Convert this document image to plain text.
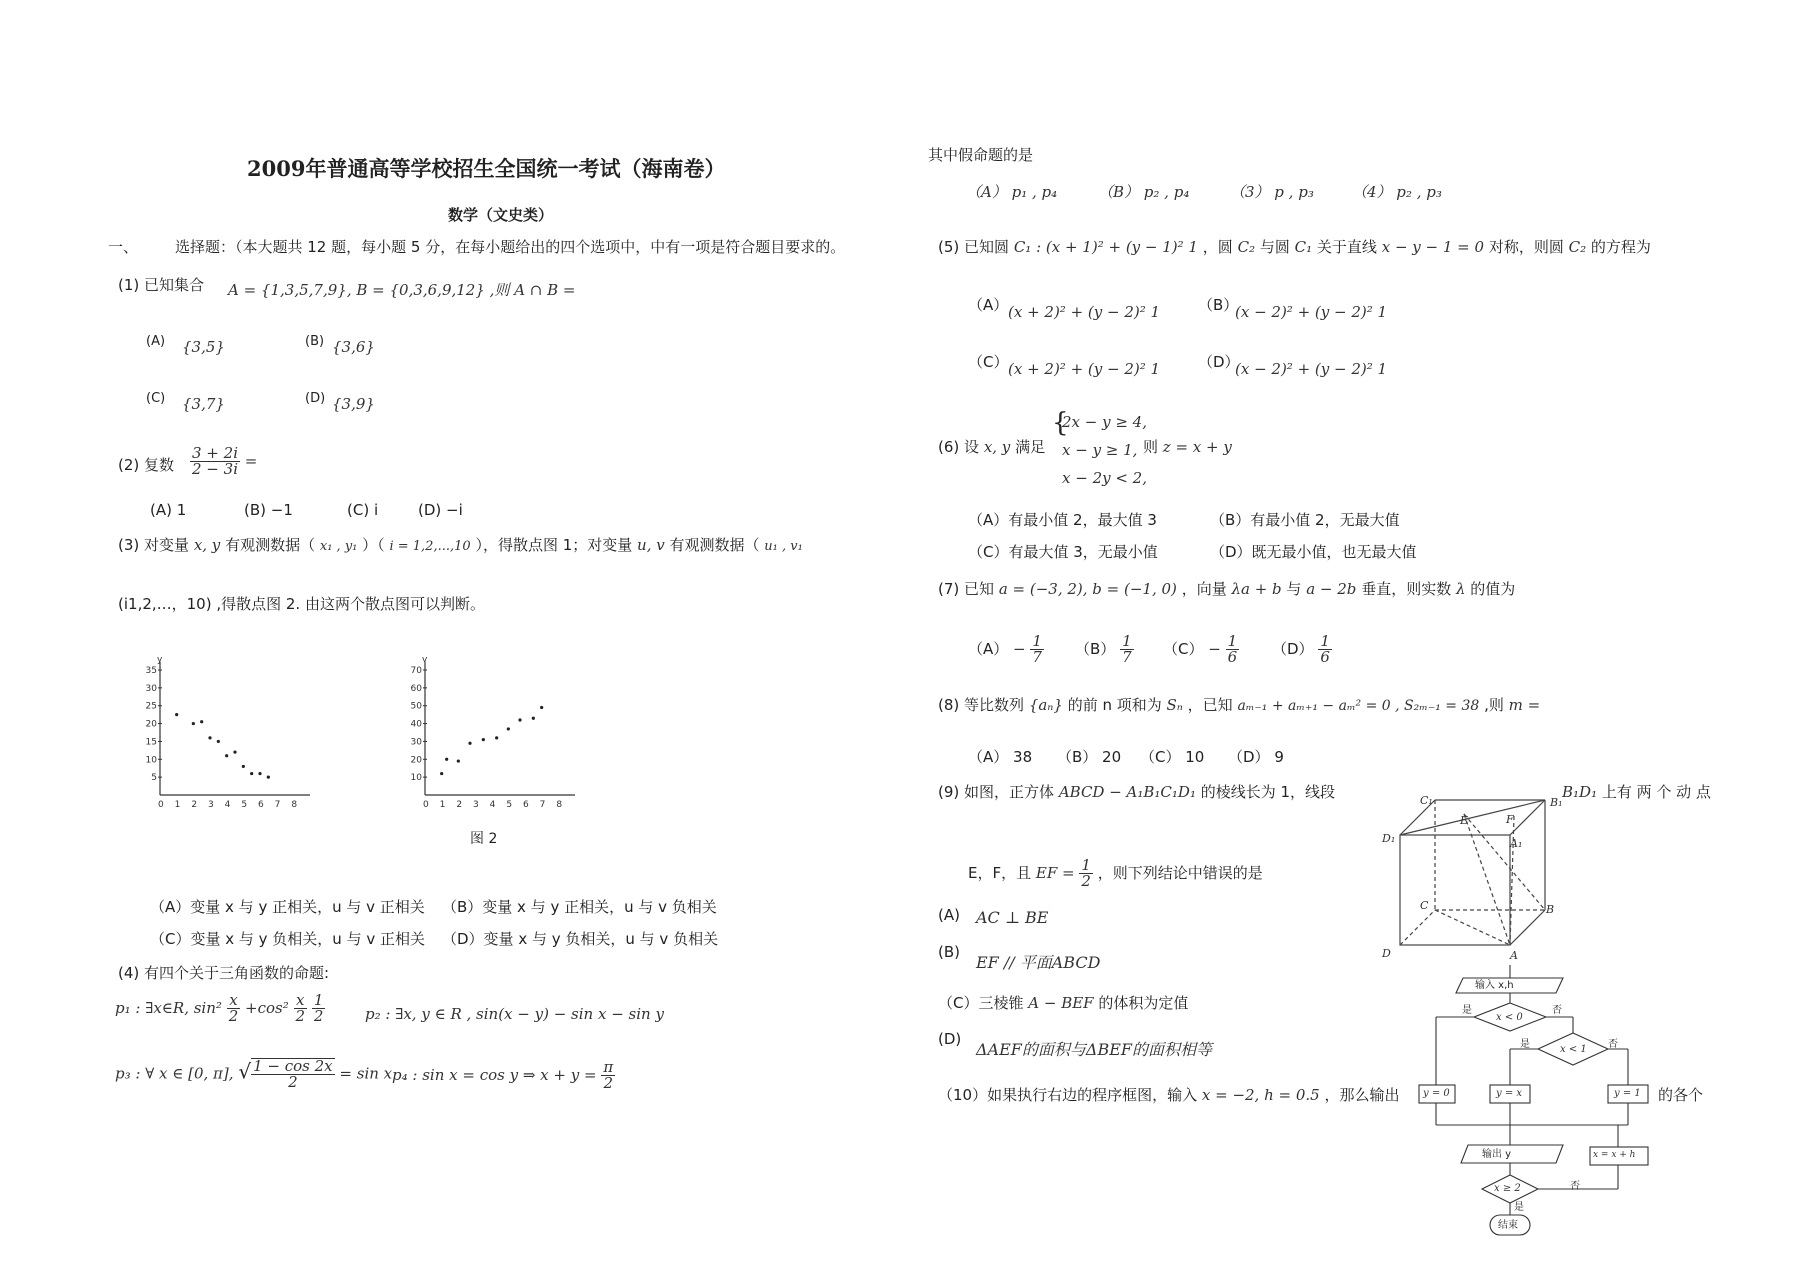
2009年普通高等学校招生全国统一考试（海南卷）
数学（文史类）
一、 选择题：（本大题共 12 题，每小题 5 分，在每小题给出的四个选项中，中有一项是符合题目要求的。
(1) 已知集合 A = {1,3,5,7,9}, B = {0,3,6,9,12} ,则 A ∩ B =
(A) {3,5}	(B) {3,6}
(C) {3,7}	(D) {3,9}
(2) 复数 $\frac{3 + 2i}{2 - 3i}$ =
(A) 1	(B) −1	(C) i	(D) −i
(3) 对变量 x, y 有观测数据（ x₁ , y₁ ）（ i = 1,2,...,10 ），得散点图 1；对变量 u, v 有观测数据（ u₁ , v₁
(i1,2,…，10) ,得散点图 2. 由这两个散点图可以判断。
y
5
10
15
20
25
30
35
0 1 2 3 4 5 6 7 8
v
10
20
30
40
50
60
70
0 1 2 3 4 5 6 7 8
图 2
（A）变量 x 与 y 正相关，u 与 v 正相关 （B）变量 x 与 y 正相关，u 与 v 负相关
（C）变量 x 与 y 负相关，u 与 v 正相关 （D）变量 x 与 y 负相关，u 与 v 负相关
(4) 有四个关于三角函数的命题:
p₁ : ∃x∈R, $\sin^2 \frac{x}{2} +\cos^2 \frac{x}{2}$
$\frac{1}{2}$	p₂ : ∃x, y ∈ R , sin(x − y) − sin x − sin y
p₃ : ∀ x ∈ [0, π], √ $\frac{1 - \cos 2x}{2} = \sin x$ p₄ : sin x = cos y ⇒ $x + y = \frac{\pi}{2}$
其中假命题的是
（A） p₁ , p₄	（B） p₂ , p₄	（3） p , p₃	（4） p₂ , p₃
(5) 已知圆 C₁ : (x + 1)² + (y − 1)² 1 ，圆 C₂ 与圆 C₁ 关于直线 x − y − 1 = 0 对称，则圆 C₂ 的方程为
（A） (x + 2)² + (y − 2)² 1	（B）
(x − 2)² + (y − 2)² 1
（C） (x + 2)² + (y − 2)² 1	（D）
(x − 2)² + (y − 2)² 1
(6) 设 x, y 满足
{
2x − y ≥ 4,
x − y ≥ 1,
x − 2y < 2,
则 z = x + y
（A）有最小值 2，最大值 3	（B）有最小值 2，无最大值
（C）有最大值 3，无最小值	（D）既无最小值，也无最大值
(7) 已知 a = (−3, 2), b = (−1, 0) ，向量 λa + b 与 a − 2b 垂直，则实数 λ 的值为
$(A) - \frac{1}{7} (B) \frac{1}{7} (C) - \frac{1}{6} (D) \frac{1}{6}$
(8) 等比数列 {aₙ} 的前 n 项和为 Sₙ ，已知 aₘ₋₁ + aₘ₊₁ − aₘ² = 0 , S₂ₘ₋₁ = 38 ,则 m =
（A） 38 （B） 20 （C） 10 （D） 9
(9) 如图，正方体 ABCD − A₁B₁C₁D₁ 的棱线长为 1，线段	B₁D₁ 上有 两 个 动 点
E，F，且 EF = $\frac{1}{2}$ ，则下列结论中错误的是
(A) AC ⊥ BE
(B)
EF // 平面ABCD
（C）三棱锥 A − BEF 的体积为定值
(D)
ΔAEF的面积与ΔBEF的面积相等
（10）如果执行右边的程序框图，输入 x = −2, h = 0.5 ，那么输出	的各个
C₁	B₁
D₁
E	F
A₁
C	B
D	A
输入 x,h
x < 0
是	否
x < 1
是	否
y = 0	y = x	y = 1
输出 y	x = x + h
x ≥ 2	否
是
结束
